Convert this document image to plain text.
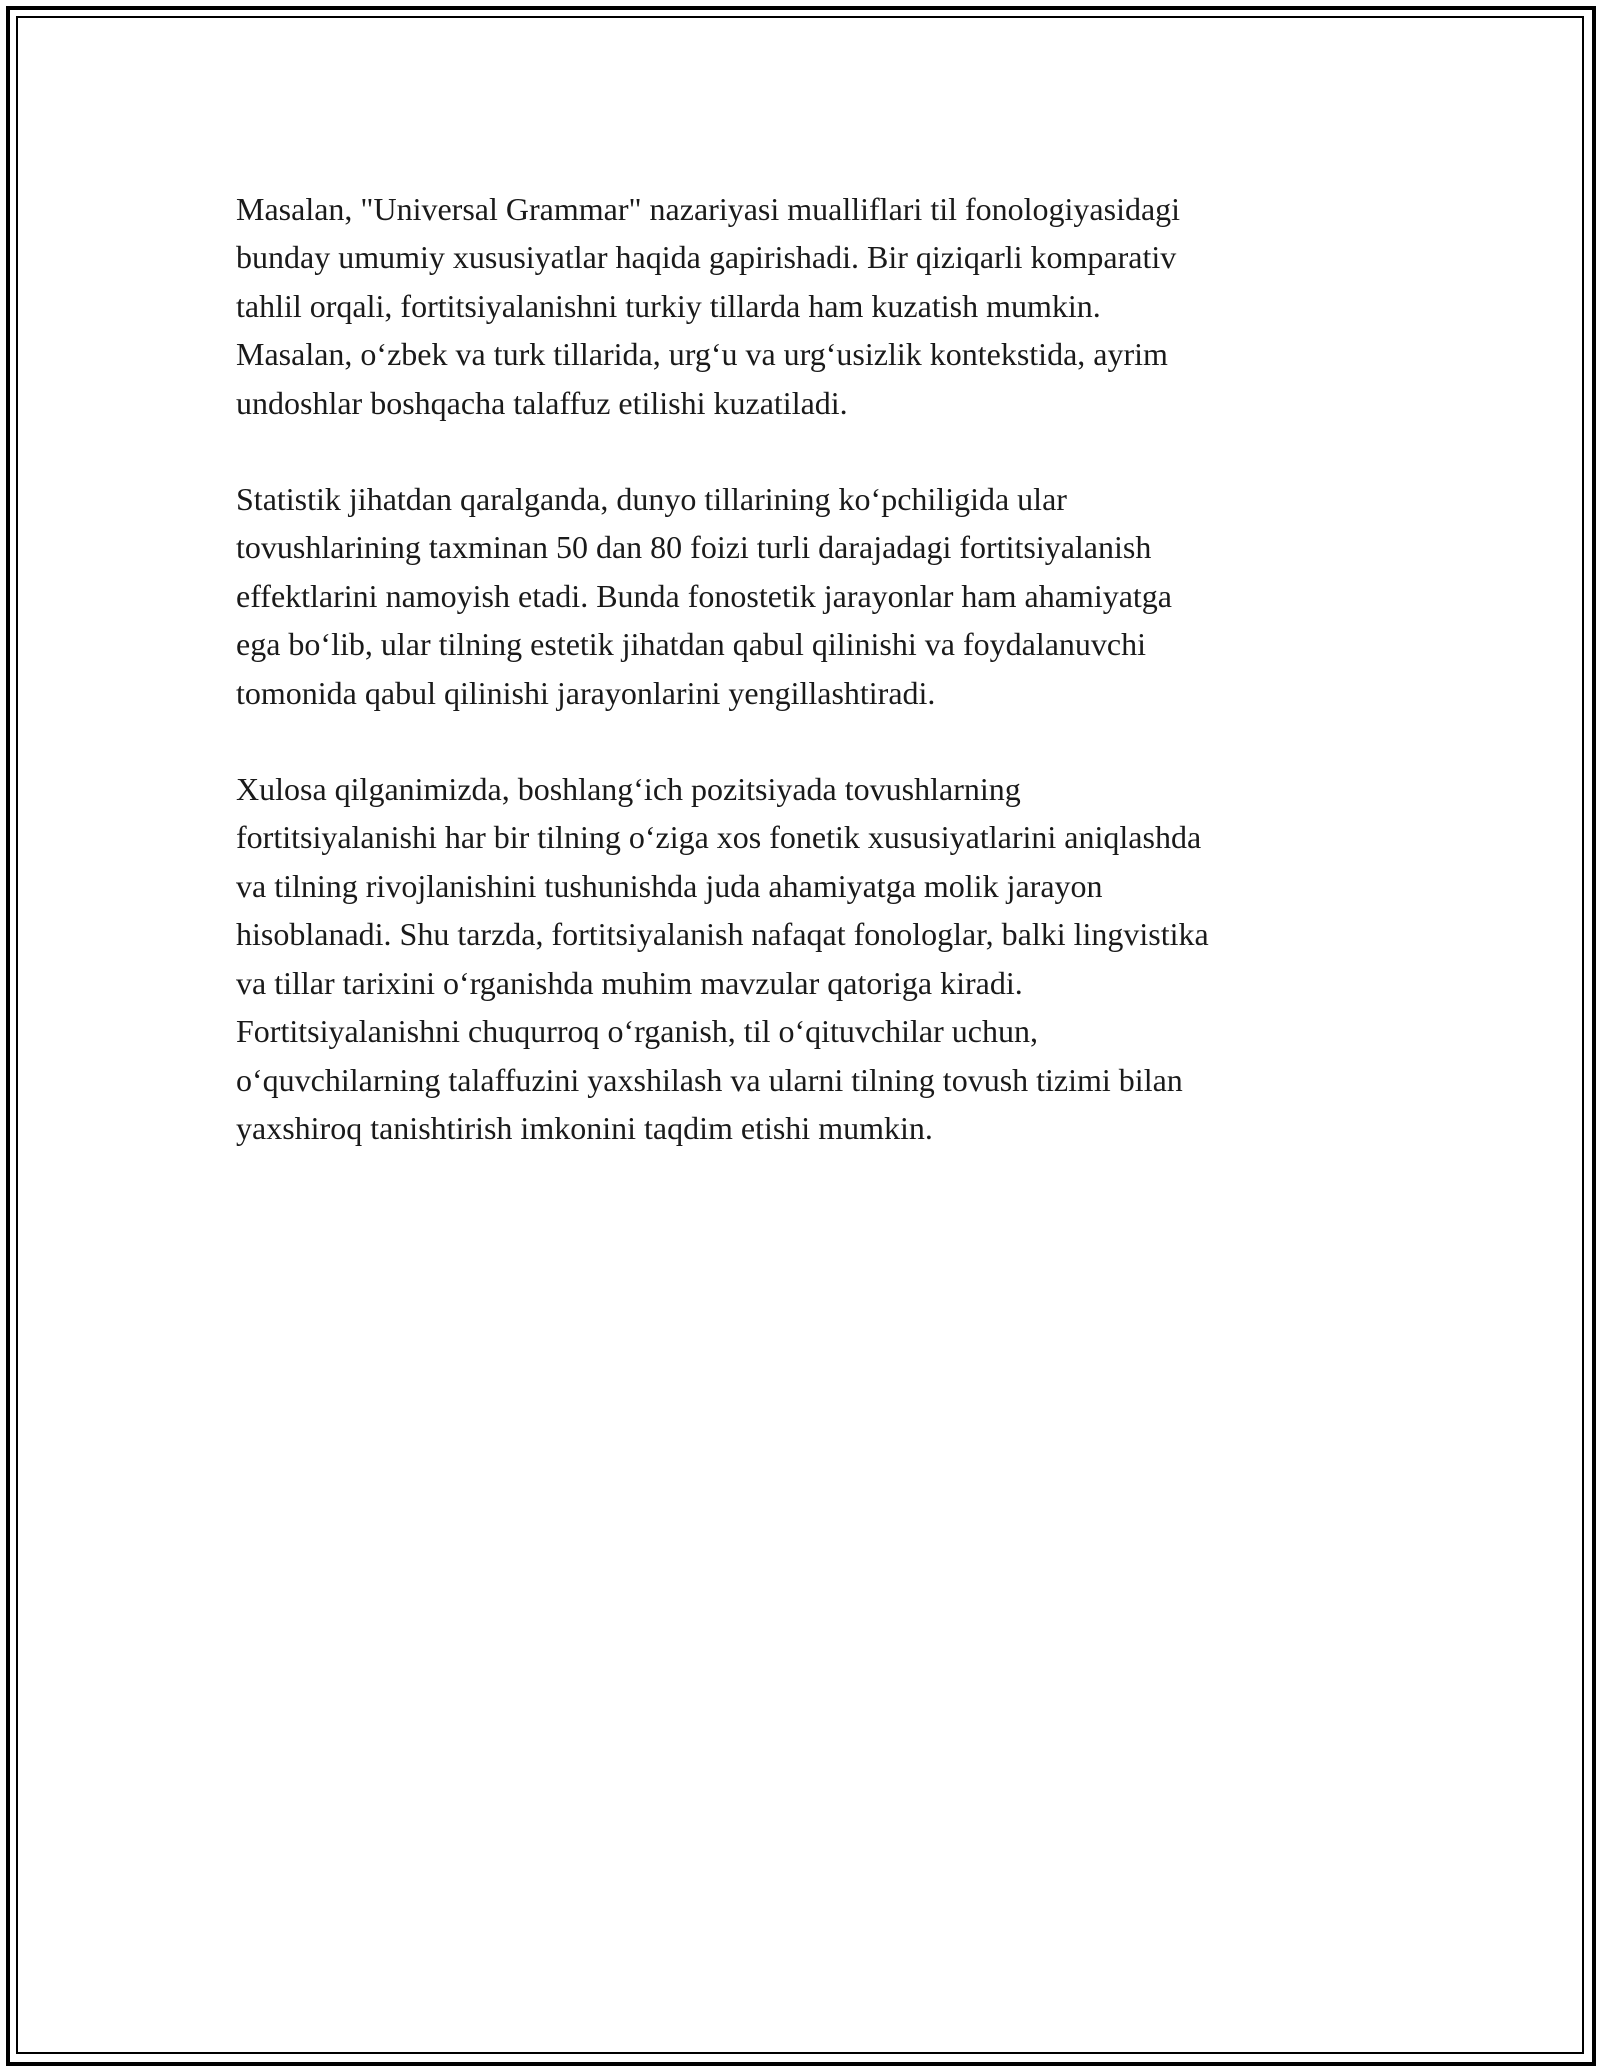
Masalan, "Universal Grammar" nazariyasi mualliflari til fonologiyasidagi
bunday umumiy xususiyatlar haqida gapirishadi. Bir qiziqarli komparativ
tahlil orqali, fortitsiyalanishni turkiy tillarda ham kuzatish mumkin.
Masalan, o‘zbek va turk tillarida, urg‘u va urg‘usizlik kontekstida, ayrim
undoshlar boshqacha talaffuz etilishi kuzatiladi.

Statistik jihatdan qaralganda, dunyo tillarining ko‘pchiligida ular
tovushlarining taxminan 50 dan 80 foizi turli darajadagi fortitsiyalanish
effektlarini namoyish etadi. Bunda fonostetik jarayonlar ham ahamiyatga
ega bo‘lib, ular tilning estetik jihatdan qabul qilinishi va foydalanuvchi
tomonida qabul qilinishi jarayonlarini yengillashtiradi.

Xulosa qilganimizda, boshlang‘ich pozitsiyada tovushlarning
fortitsiyalanishi har bir tilning o‘ziga xos fonetik xususiyatlarini aniqlashda
va tilning rivojlanishini tushunishda juda ahamiyatga molik jarayon
hisoblanadi. Shu tarzda, fortitsiyalanish nafaqat fonologlar, balki lingvistika
va tillar tarixini o‘rganishda muhim mavzular qatoriga kiradi.
Fortitsiyalanishni chuqurroq o‘rganish, til o‘qituvchilar uchun,
o‘quvchilarning talaffuzini yaxshilash va ularni tilning tovush tizimi bilan
yaxshiroq tanishtirish imkonini taqdim etishi mumkin.
